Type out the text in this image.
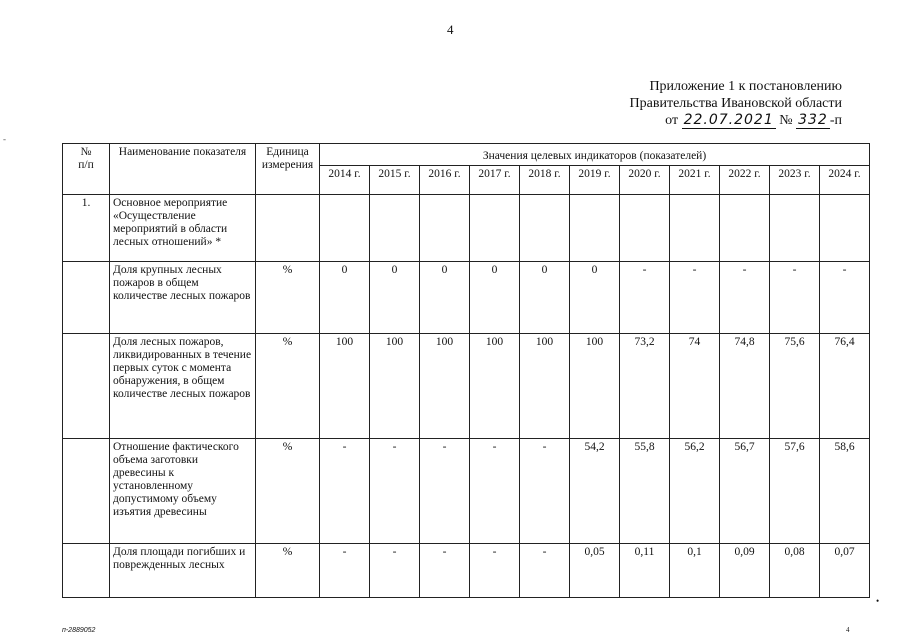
4
Приложение 1 к постановлению
Правительства Ивановской области
от 22.07.2021 № 332 -п
-
№
п/п	Наименование показателя	Единица измерения	Значения целевых индикаторов (показателей)										
			2014 г.	2015 г.	2016 г.	2017 г.	2018 г.	2019 г.	2020 г.	2021 г.	2022 г.	2023 г.	2024 г.
1.	Основное мероприятие «Осуществление мероприятий в области лесных отношений» *												
	Доля крупных лесных пожаров в общем количестве лесных пожаров	%	0	0	0	0	0	0	-	-	-	-	-
	Доля лесных пожаров, ликвидированных в течение первых суток с момента обнаружения, в общем количестве лесных пожаров	%	100	100	100	100	100	100	73,2	74	74,8	75,6	76,4
	Отношение фактического объема заготовки древесины к установленному допустимому объему изъятия древесины	%	-	-	-	-	-	54,2	55,8	56,2	56,7	57,6	58,6
	Доля площади погибших и поврежденных лесных	%	-	-	-	-	-	0,05	0,11	0,1	0,09	0,08	0,07
•
п-2889052	4
